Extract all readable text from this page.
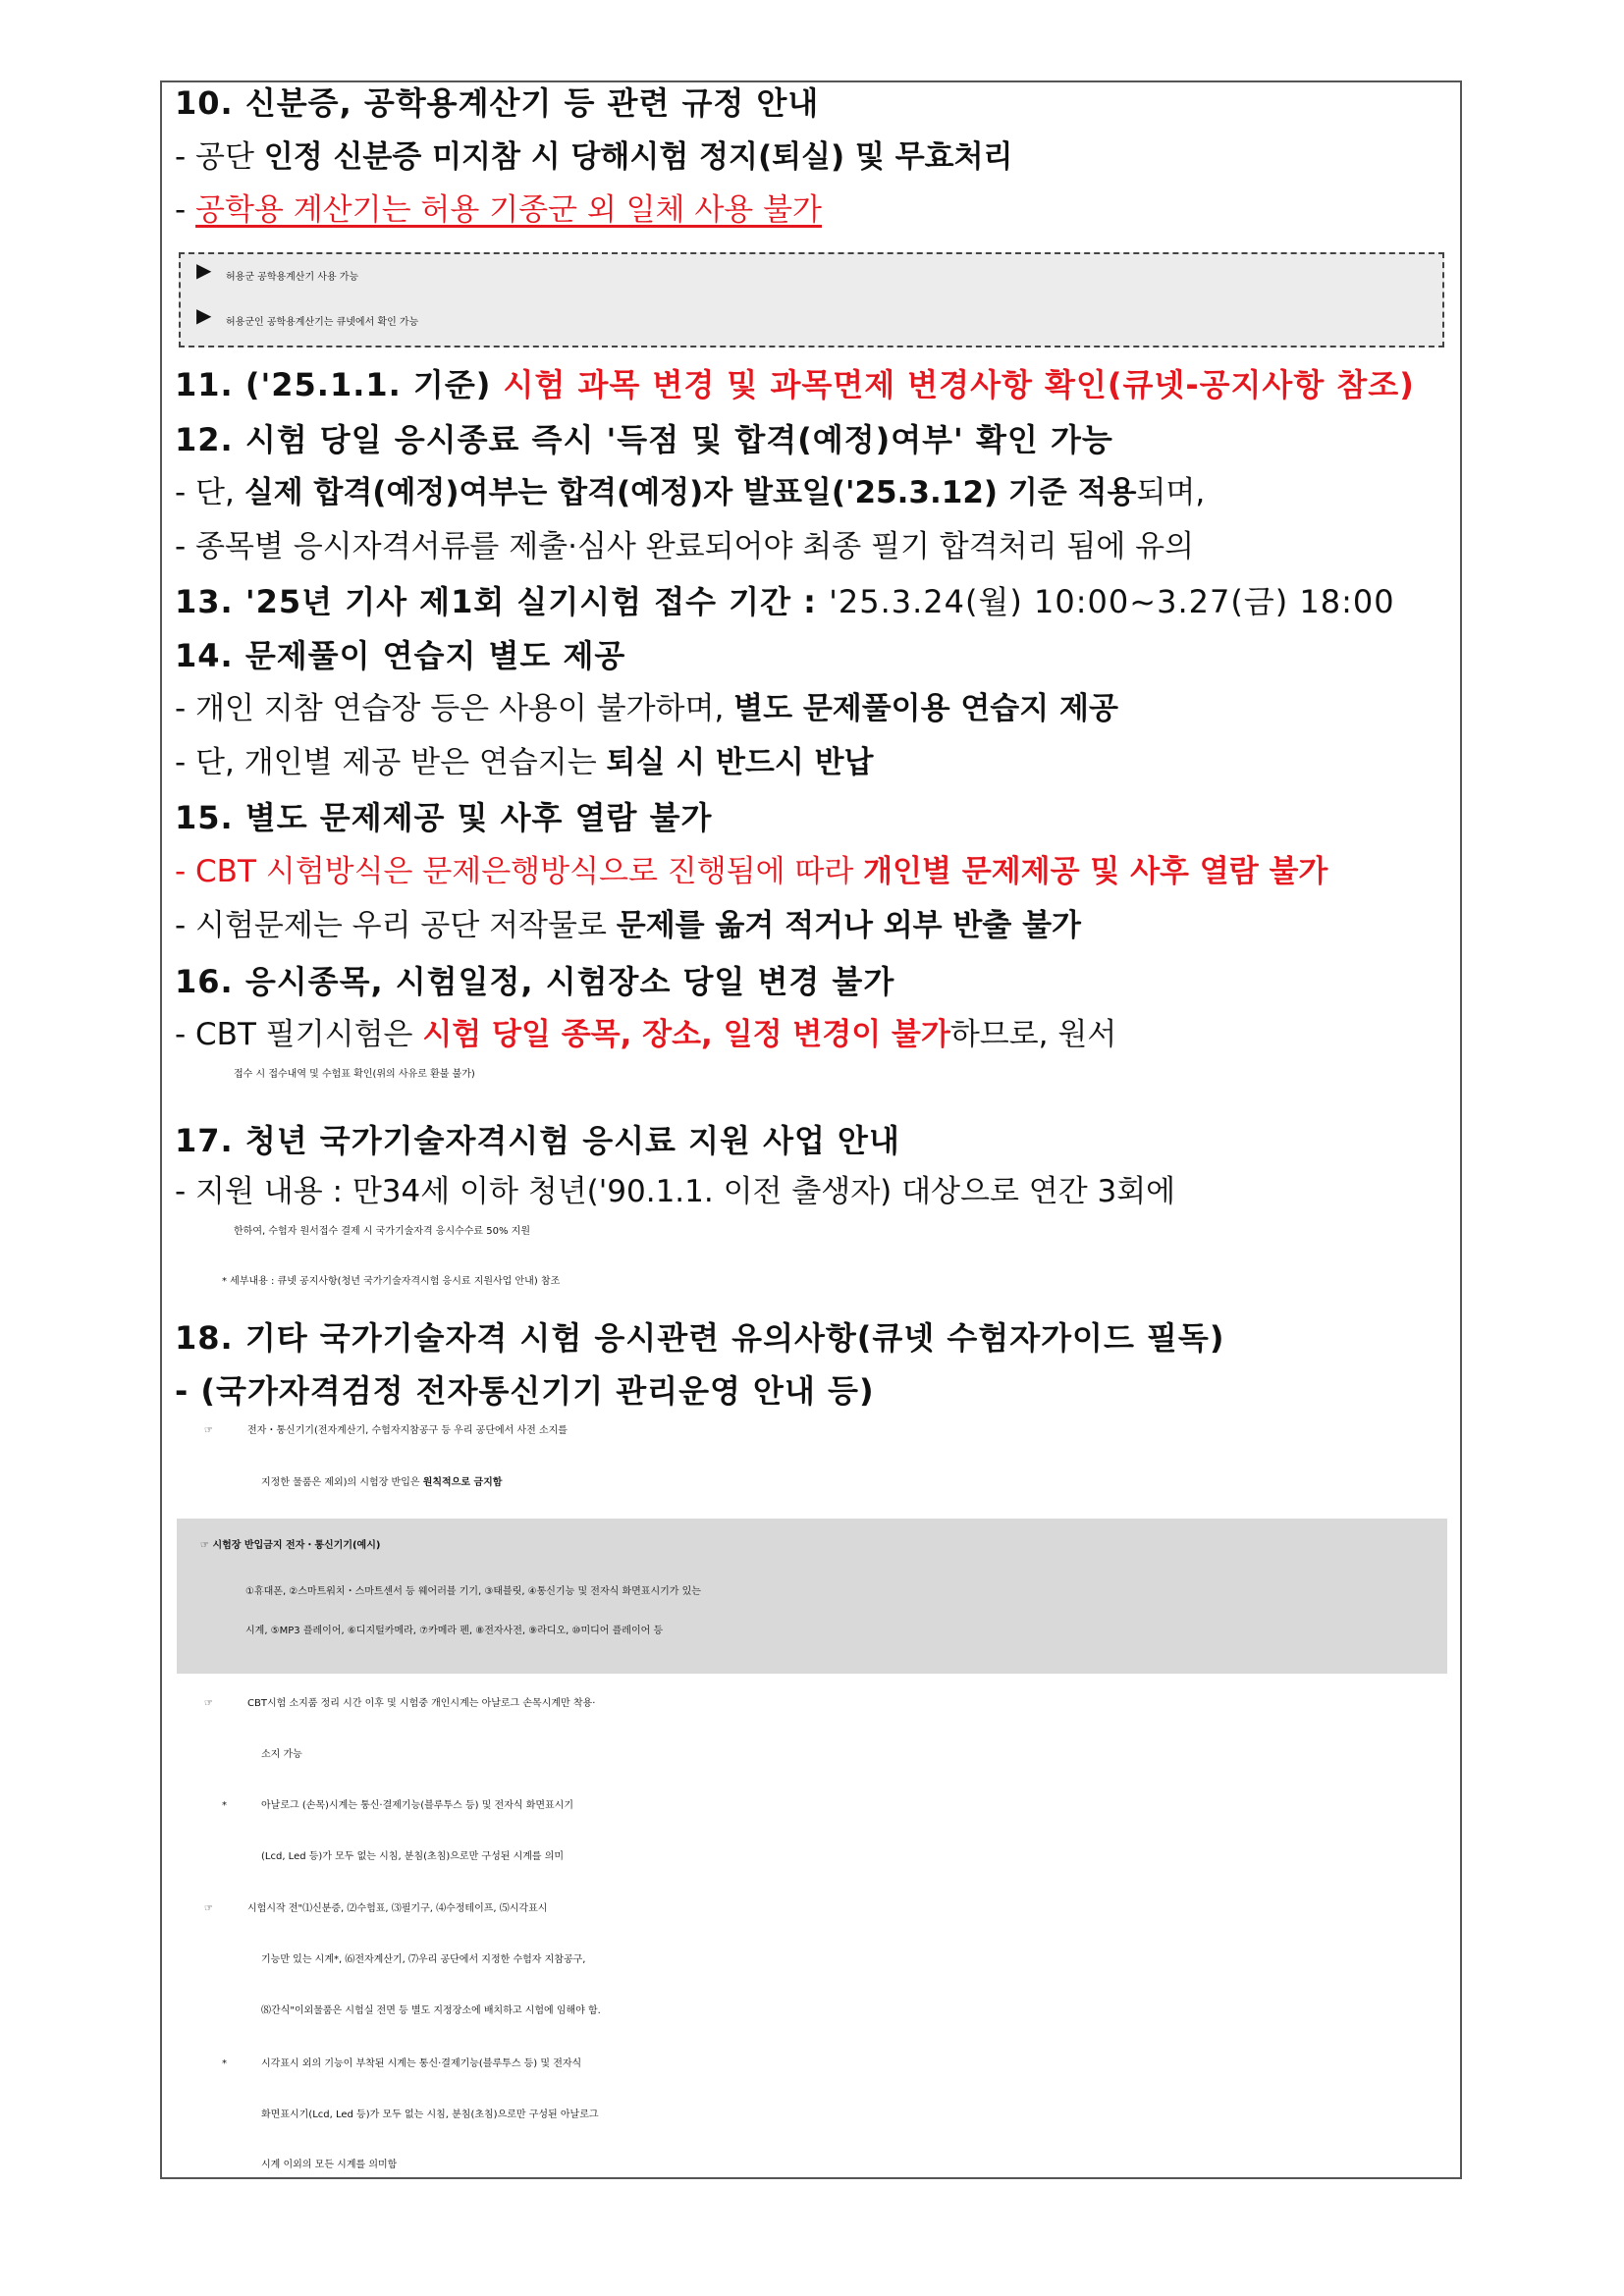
10. 신분증, 공학용계산기 등 관련 규정 안내
- 공단 인정 신분증 미지참 시 당해시험 정지(퇴실) 및 무효처리
- 공학용 계산기는 허용 기종군 외 일체 사용 불가
▶ 허용군 공학용계산기 사용 가능
▶ 허용군인 공학용계산기는 큐넷에서 확인 가능
11. ('25.1.1. 기준) 시험 과목 변경 및 과목면제 변경사항 확인(큐넷-공지사항 참조)
12. 시험 당일 응시종료 즉시 '득점 및 합격(예정)여부' 확인 가능
- 단, 실제 합격(예정)여부는 합격(예정)자 발표일('25.3.12) 기준 적용되며,
- 종목별 응시자격서류를 제출·심사 완료되어야 최종 필기 합격처리 됨에 유의
13. '25년 기사 제1회 실기시험 접수 기간 : '25.3.24(월) 10:00~3.27(금) 18:00
14. 문제풀이 연습지 별도 제공
- 개인 지참 연습장 등은 사용이 불가하며, 별도 문제풀이용 연습지 제공
- 단, 개인별 제공 받은 연습지는 퇴실 시 반드시 반납
15. 별도 문제제공 및 사후 열람 불가
- CBT 시험방식은 문제은행방식으로 진행됨에 따라 개인별 문제제공 및 사후 열람 불가
- 시험문제는 우리 공단 저작물로 문제를 옮겨 적거나 외부 반출 불가
16. 응시종목, 시험일정, 시험장소 당일 변경 불가
- CBT 필기시험은 시험 당일 종목, 장소, 일정 변경이 불가하므로, 원서
접수 시 접수내역 및 수험표 확인(위의 사유로 환불 불가)
17. 청년 국가기술자격시험 응시료 지원 사업 안내
- 지원 내용 : 만34세 이하 청년('90.1.1. 이전 출생자) 대상으로 연간 3회에
한하여, 수험자 원서접수 결제 시 국가기술자격 응시수수료 50% 지원
* 세부내용 : 큐넷 공지사항(청년 국가기술자격시험 응시료 지원사업 안내) 참조
18. 기타 국가기술자격 시험 응시관련 유의사항(큐넷 수험자가이드 필독)
- (국가자격검정 전자통신기기 관리운영 안내 등)
☞	전자・통신기기(전자계산기, 수험자지참공구 등 우리 공단에서 사전 소지를
지정한 물품은 제외)의 시험장 반입은 원칙적으로 금지함
☞ 시험장 반입금지 전자・통신기기(예시)
①휴대폰, ②스마트워치・스마트센서 등 웨어러블 기기, ③태블릿, ④통신기능 및 전자식 화면표시기가 있는
시계, ⑤MP3 플레이어, ⑥디지털카메라, ⑦카메라 펜, ⑧전자사전, ⑨라디오, ⑩미디어 플레이어 등
☞	CBT시험 소지품 정리 시간 이후 및 시험중 개인시계는 아날로그 손목시계만 착용·
소지 가능
*	아날로그 (손목)시계는 통신·결제기능(블루투스 등) 및 전자식 화면표시기
(Lcd, Led 등)가 모두 없는 시침, 분침(초침)으로만 구성된 시계를 의미
☞	시험시작 전"⑴신분증, ⑵수험표, ⑶필기구, ⑷수정테이프, ⑸시각표시
기능만 있는 시계*, ⑹전자계산기, ⑺우리 공단에서 지정한 수험자 지참공구,
⑻간식"이외물품은 시험실 전면 등 별도 지정장소에 배치하고 시험에 임해야 함.
*	시각표시 외의 기능이 부착된 시계는 통신·결제기능(블루투스 등) 및 전자식
화면표시기(Lcd, Led 등)가 모두 없는 시침, 분침(초침)으로만 구성된 아날로그
시계 이외의 모든 시계를 의미함
